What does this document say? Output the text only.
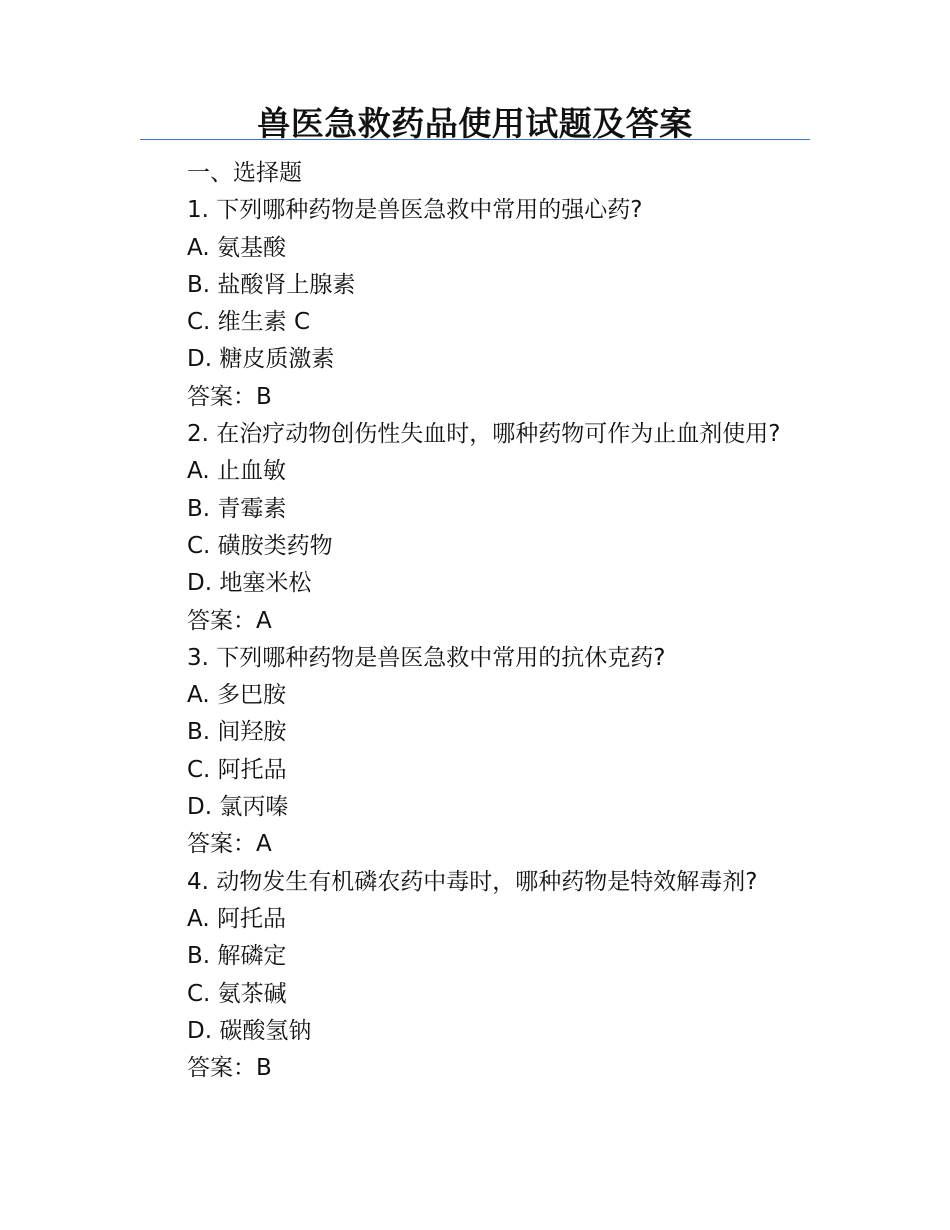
兽医急救药品使用试题及答案
一、选择题
1. 下列哪种药物是兽医急救中常用的强心药?
A. 氨基酸
B. 盐酸肾上腺素
C. 维生素 C
D. 糖皮质激素
答案：B
2. 在治疗动物创伤性失血时，哪种药物可作为止血剂使用?
A. 止血敏
B. 青霉素
C. 磺胺类药物
D. 地塞米松
答案：A
3. 下列哪种药物是兽医急救中常用的抗休克药?
A. 多巴胺
B. 间羟胺
C. 阿托品
D. 氯丙嗪
答案：A
4. 动物发生有机磷农药中毒时，哪种药物是特效解毒剂?
A. 阿托品
B. 解磷定
C. 氨茶碱
D. 碳酸氢钠
答案：B
